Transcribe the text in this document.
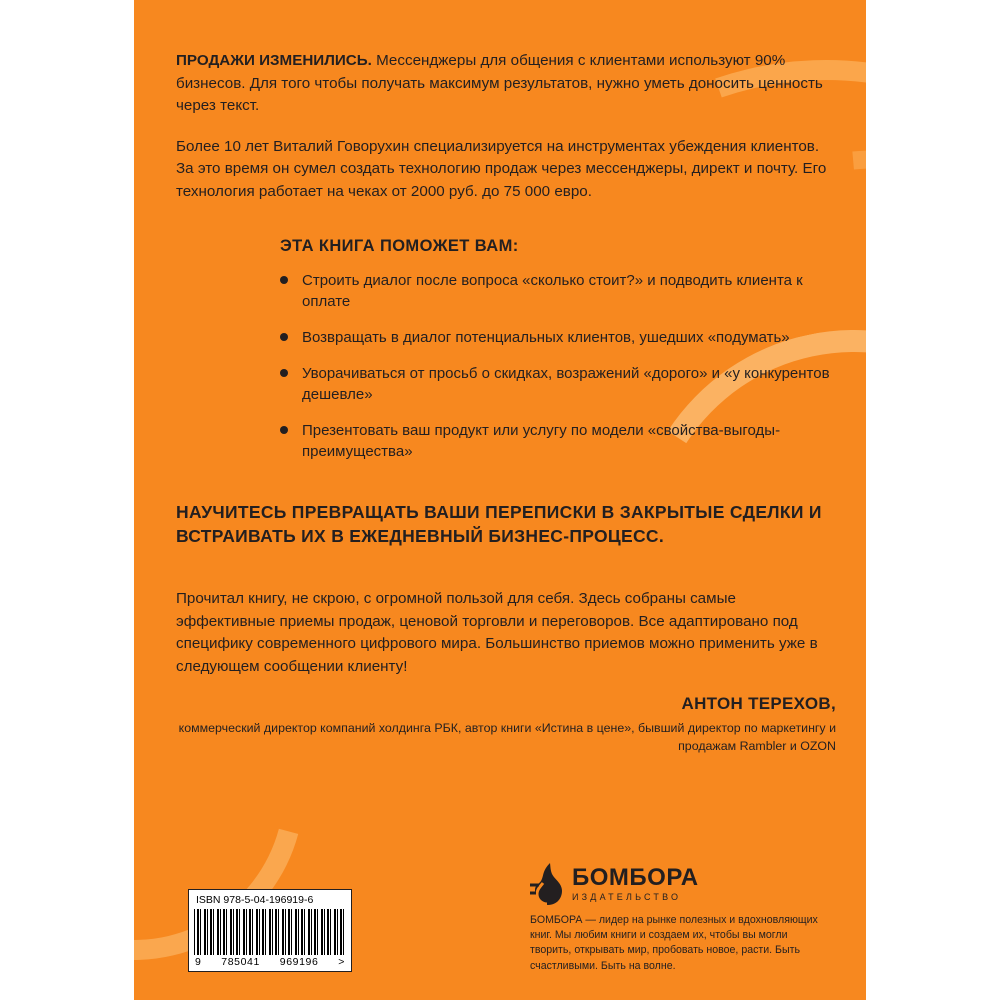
ПРОДАЖИ ИЗМЕНИЛИСЬ. Мессенджеры для общения с клиентами используют 90% бизнесов. Для того чтобы получать максимум результатов, нужно уметь доносить ценность через текст.

Более 10 лет Виталий Говорухин специализируется на инструментах убеждения клиентов. За это время он сумел создать технологию продаж через мессенджеры, директ и почту. Его технология работает на чеках от 2000 руб. до 75 000 евро.

ЭТА КНИГА ПОМОЖЕТ ВАМ:
Строить диалог после вопроса «сколько стоит?» и подводить клиента к оплате
Возвращать в диалог потенциальных клиентов, ушедших «подумать»
Уворачиваться от просьб о скидках, возражений «дорого» и «у конкурентов дешевле»
Презентовать ваш продукт или услугу по модели «свойства-выгоды-преимущества»
НАУЧИТЕСЬ ПРЕВРАЩАТЬ ВАШИ ПЕРЕПИСКИ В ЗАКРЫТЫЕ СДЕЛКИ И ВСТРАИВАТЬ ИХ В ЕЖЕДНЕВНЫЙ БИЗНЕС-ПРОЦЕСС.

Прочитал книгу, не скрою, с огромной пользой для себя. Здесь собраны самые эффективные приемы продаж, ценовой торговли и переговоров. Все адаптировано под специфику современного цифрового мира. Большинство приемов можно применить уже в следующем сообщении клиенту!

АНТОН ТЕРЕХОВ,
коммерческий директор компаний холдинга РБК, автор книги «Истина в цене», бывший директор по маркетингу и продажам Rambler и OZON
ISBN 978-5-04-196919-6
9 785041 969196 >
БОМБОРА
ИЗДАТЕЛЬСТВО
БОМБОРА — лидер на рынке полезных и вдохновляющих книг. Мы любим книги и создаем их, чтобы вы могли творить, открывать мир, пробовать новое, расти. Быть счастливыми. Быть на волне.
